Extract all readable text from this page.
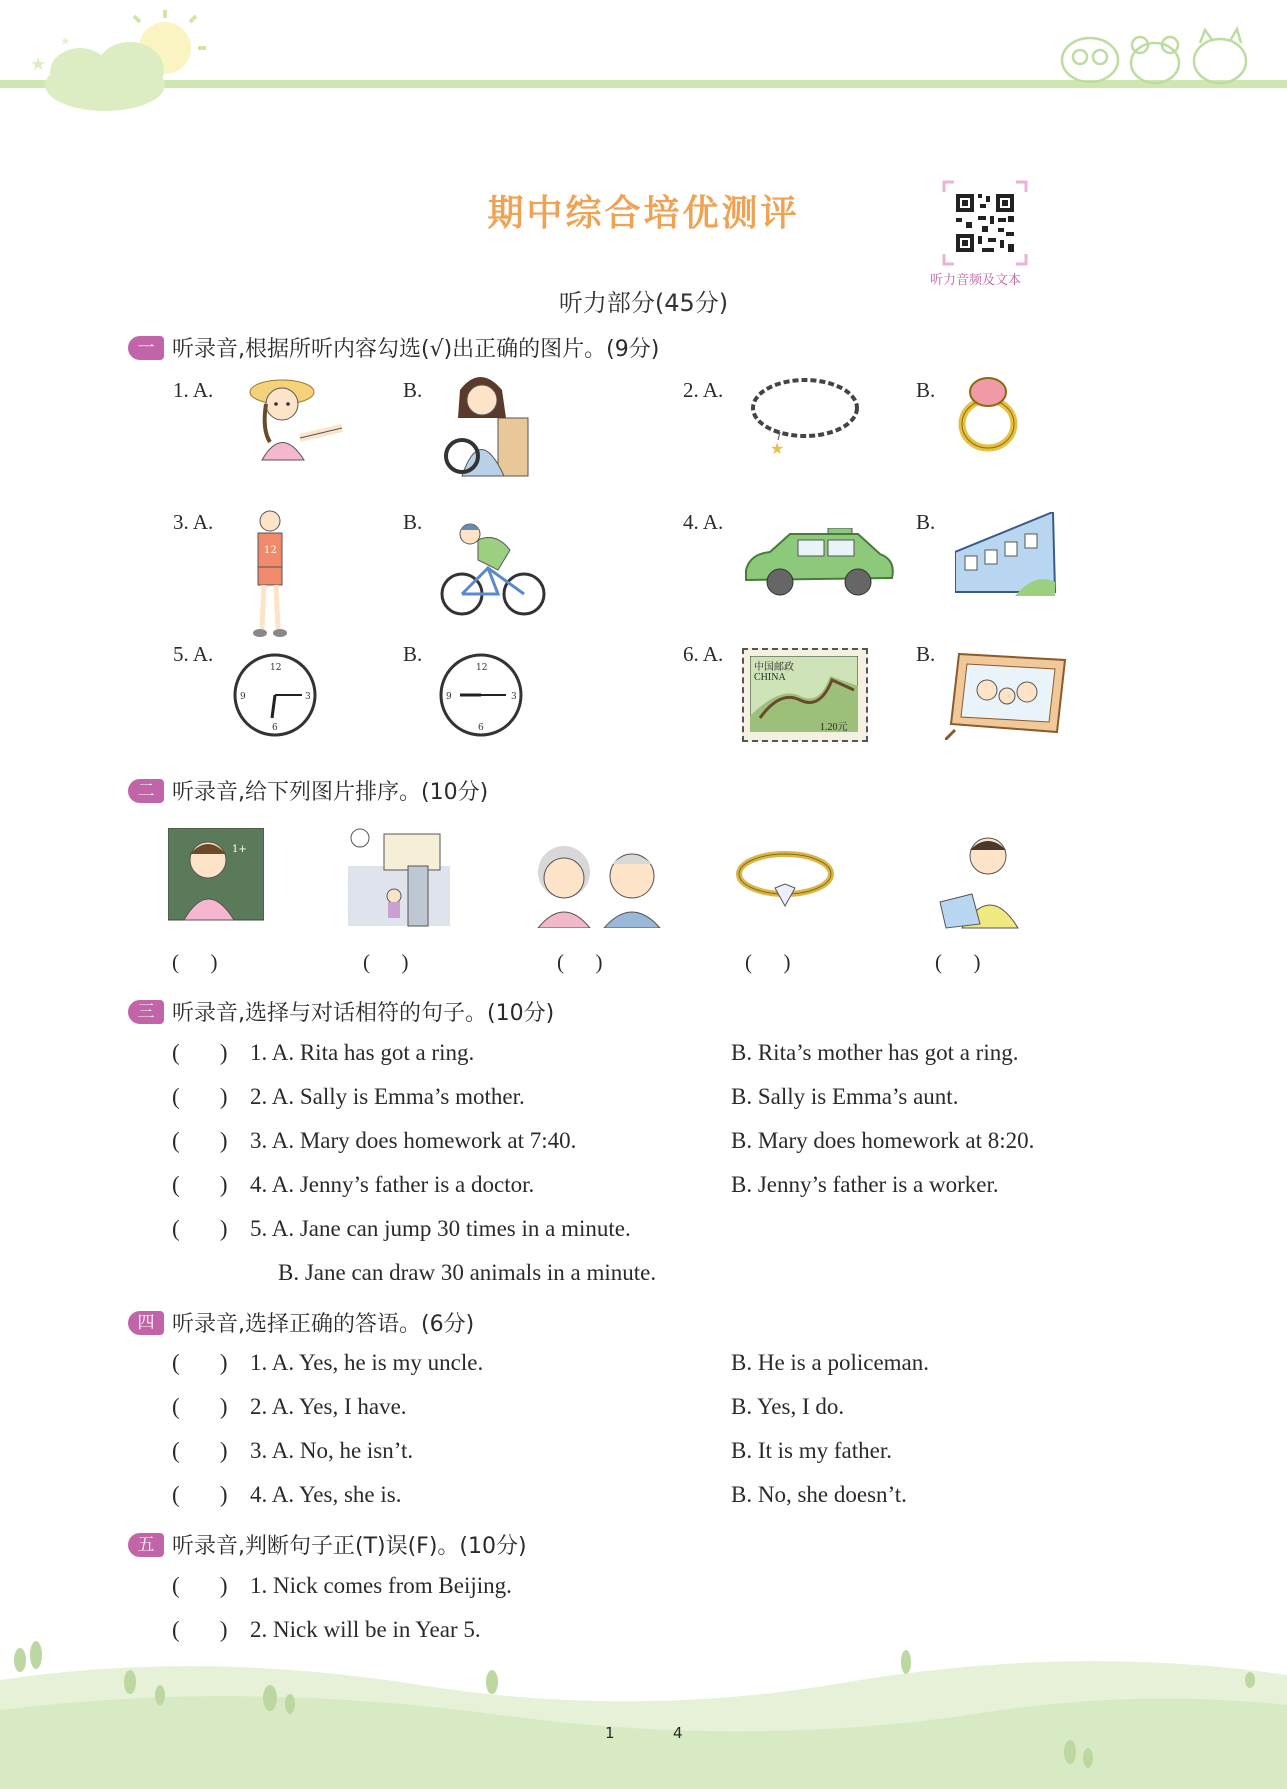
★
★
期中综合培优测评
听力音频及文本
听力部分(45分)
一 听录音,根据所听内容勾选(√)出正确的图片。(9分)
1. A.	B.	2. A.	B.
3. A.	B.	4. A.	B.
5. A.	B.	6. A.	B.
★
12
12
3
6
9
12
3
6
9
中国邮政
CHINA
1.20元
二 听录音,给下列图片排序。(10分)
1+
(      )	(      )	(      )	(      )	(      )
三 听录音,选择与对话相符的句子。(10分)
(       ) 1. A. Rita has got a ring.	B. Rita’s mother has got a ring.
(       ) 2. A. Sally is Emma’s mother.	B. Sally is Emma’s aunt.
(       ) 3. A. Mary does homework at 7:40.	B. Mary does homework at 8:20.
(       ) 4. A. Jenny’s father is a doctor.	B. Jenny’s father is a worker.
(       ) 5. A. Jane can jump 30 times in a minute.
B. Jane can draw 30 animals in a minute.
四 听录音,选择正确的答语。(6分)
(       ) 1. A. Yes, he is my uncle.	B. He is a policeman.
(       ) 2. A. Yes, I have.	B. Yes, I do.
(       ) 3. A. No, he isn’t.	B. It is my father.
(       ) 4. A. Yes, she is.	B. No, she doesn’t.
五 听录音,判断句子正(T)误(F)。(10分)
(       ) 1. Nick comes from Beijing.
(       ) 2. Nick will be in Year 5.
1	4
